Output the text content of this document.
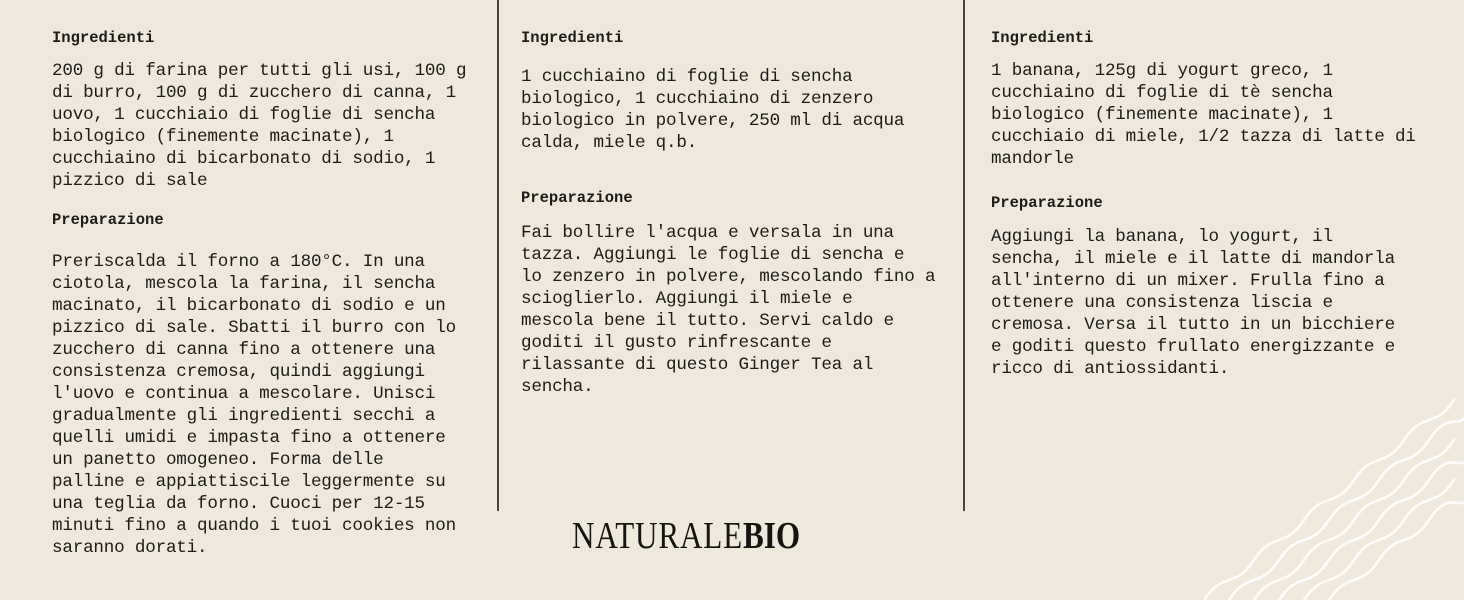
Ingredienti
200 g di farina per tutti gli usi, 100 g
di burro, 100 g di zucchero di canna, 1
uovo, 1 cucchiaio di foglie di sencha
biologico (finemente macinate), 1
cucchiaino di bicarbonato di sodio, 1
pizzico di sale
Preparazione
Preriscalda il forno a 180°C. In una
ciotola, mescola la farina, il sencha
macinato, il bicarbonato di sodio e un
pizzico di sale. Sbatti il burro con lo
zucchero di canna fino a ottenere una
consistenza cremosa, quindi aggiungi
l'uovo e continua a mescolare. Unisci
gradualmente gli ingredienti secchi a
quelli umidi e impasta fino a ottenere
un panetto omogeneo. Forma delle
palline e appiattiscile leggermente su
una teglia da forno. Cuoci per 12-15
minuti fino a quando i tuoi cookies non
saranno dorati.
Ingredienti
1 cucchiaino di foglie di sencha
biologico, 1 cucchiaino di zenzero
biologico in polvere, 250 ml di acqua
calda, miele q.b.
Preparazione
Fai bollire l'acqua e versala in una
tazza. Aggiungi le foglie di sencha e
lo zenzero in polvere, mescolando fino a
scioglierlo. Aggiungi il miele e
mescola bene il tutto. Servi caldo e
goditi il gusto rinfrescante e
rilassante di questo Ginger Tea al
sencha.
Ingredienti
1 banana, 125g di yogurt greco, 1
cucchiaino di foglie di tè sencha
biologico (finemente macinate), 1
cucchiaio di miele, 1/2 tazza di latte di
mandorle
Preparazione
Aggiungi la banana, lo yogurt, il
sencha, il miele e il latte di mandorla
all'interno di un mixer. Frulla fino a
ottenere una consistenza liscia e
cremosa. Versa il tutto in un bicchiere
e goditi questo frullato energizzante e
ricco di antiossidanti.
NATURALEBIO
